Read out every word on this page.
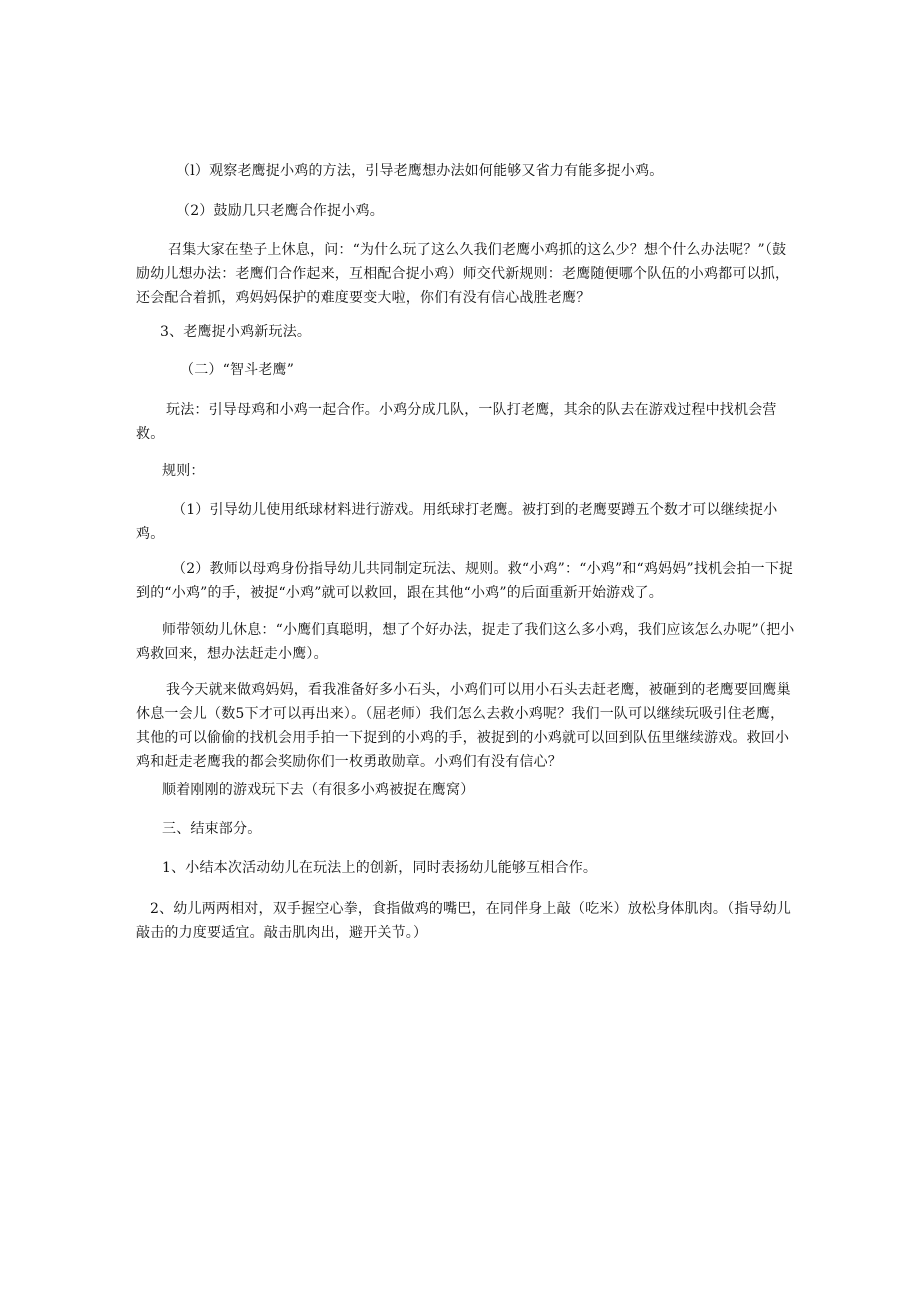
（l）观察老鹰捉小鸡的方法，引导老鹰想办法如何能够又省力有能多捉小鸡。

（2）鼓励几只老鹰合作捉小鸡。

召集大家在垫子上休息，问：“为什么玩了这么久我们老鹰小鸡抓的这么少？想个什么办法呢？”（鼓励幼儿想办法：老鹰们合作起来，互相配合捉小鸡）师交代新规则：老鹰随便哪个队伍的小鸡都可以抓，还会配合着抓，鸡妈妈保护的难度要变大啦，你们有没有信心战胜老鹰？

3、老鹰捉小鸡新玩法。

（二）“智斗老鹰”

玩法：引导母鸡和小鸡一起合作。小鸡分成几队，一队打老鹰，其余的队去在游戏过程中找机会营救。

规则：

（1）引导幼儿使用纸球材料进行游戏。用纸球打老鹰。被打到的老鹰要蹲五个数才可以继续捉小鸡。

（2）教师以母鸡身份指导幼儿共同制定玩法、规则。救“小鸡”：“小鸡”和“鸡妈妈”找机会拍一下捉到的“小鸡”的手，被捉“小鸡”就可以救回，跟在其他“小鸡”的后面重新开始游戏了。

师带领幼儿休息：“小鹰们真聪明，想了个好办法，捉走了我们这么多小鸡，我们应该怎么办呢”（把小鸡救回来，想办法赶走小鹰）。

我今天就来做鸡妈妈，看我准备好多小石头，小鸡们可以用小石头去赶老鹰，被砸到的老鹰要回鹰巢休息一会儿（数5下才可以再出来）。（屈老师）我们怎么去救小鸡呢？我们一队可以继续玩吸引住老鹰，其他的可以偷偷的找机会用手拍一下捉到的小鸡的手，被捉到的小鸡就可以回到队伍里继续游戏。救回小鸡和赶走老鹰我的都会奖励你们一枚勇敢勋章。小鸡们有没有信心？

顺着刚刚的游戏玩下去（有很多小鸡被捉在鹰窝）

三、结束部分。

1、小结本次活动幼儿在玩法上的创新，同时表扬幼儿能够互相合作。

2、幼儿两两相对，双手握空心拳，食指做鸡的嘴巴，在同伴身上敲（吃米）放松身体肌肉。（指导幼儿敲击的力度要适宜。敲击肌肉出，避开关节。）
